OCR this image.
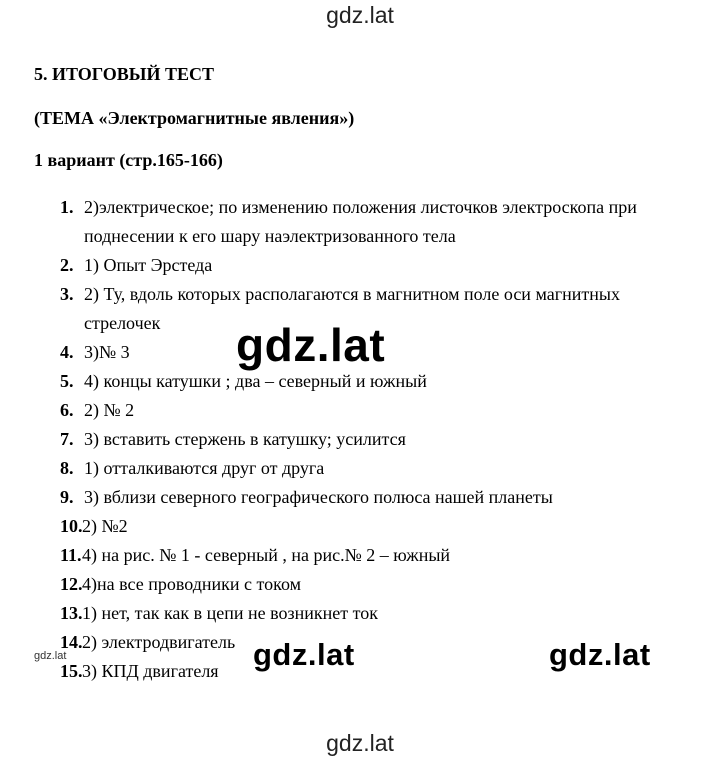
gdz.lat
5. ИТОГОВЫЙ ТЕСТ
(ТЕМА «Электромагнитные явления»)
1 вариант (стр.165-166)
1. 2)электрическое; по изменению положения листочков электроскопа при поднесении к его шару наэлектризованного тела
2. 1) Опыт Эрстеда
3. 2) Ту, вдоль которых располагаются в магнитном поле оси магнитных стрелочек
4. 3)№ 3
5. 4) концы катушки ; два – северный и южный
6. 2) № 2
7. 3) вставить стержень в катушку; усилится
8. 1) отталкиваются друг от друга
9. 3) вблизи северного географического полюса нашей планеты
10. 2) №2
11. 4) на рис. № 1 - северный , на рис.№ 2 – южный
12. 4)на все проводники с током
13. 1) нет, так как в цепи не возникнет ток
14. 2) электродвигатель
15. 3) КПД двигателя
gdz.lat
gdz.lat	gdz.lat
gdz.lat
gdz.lat
